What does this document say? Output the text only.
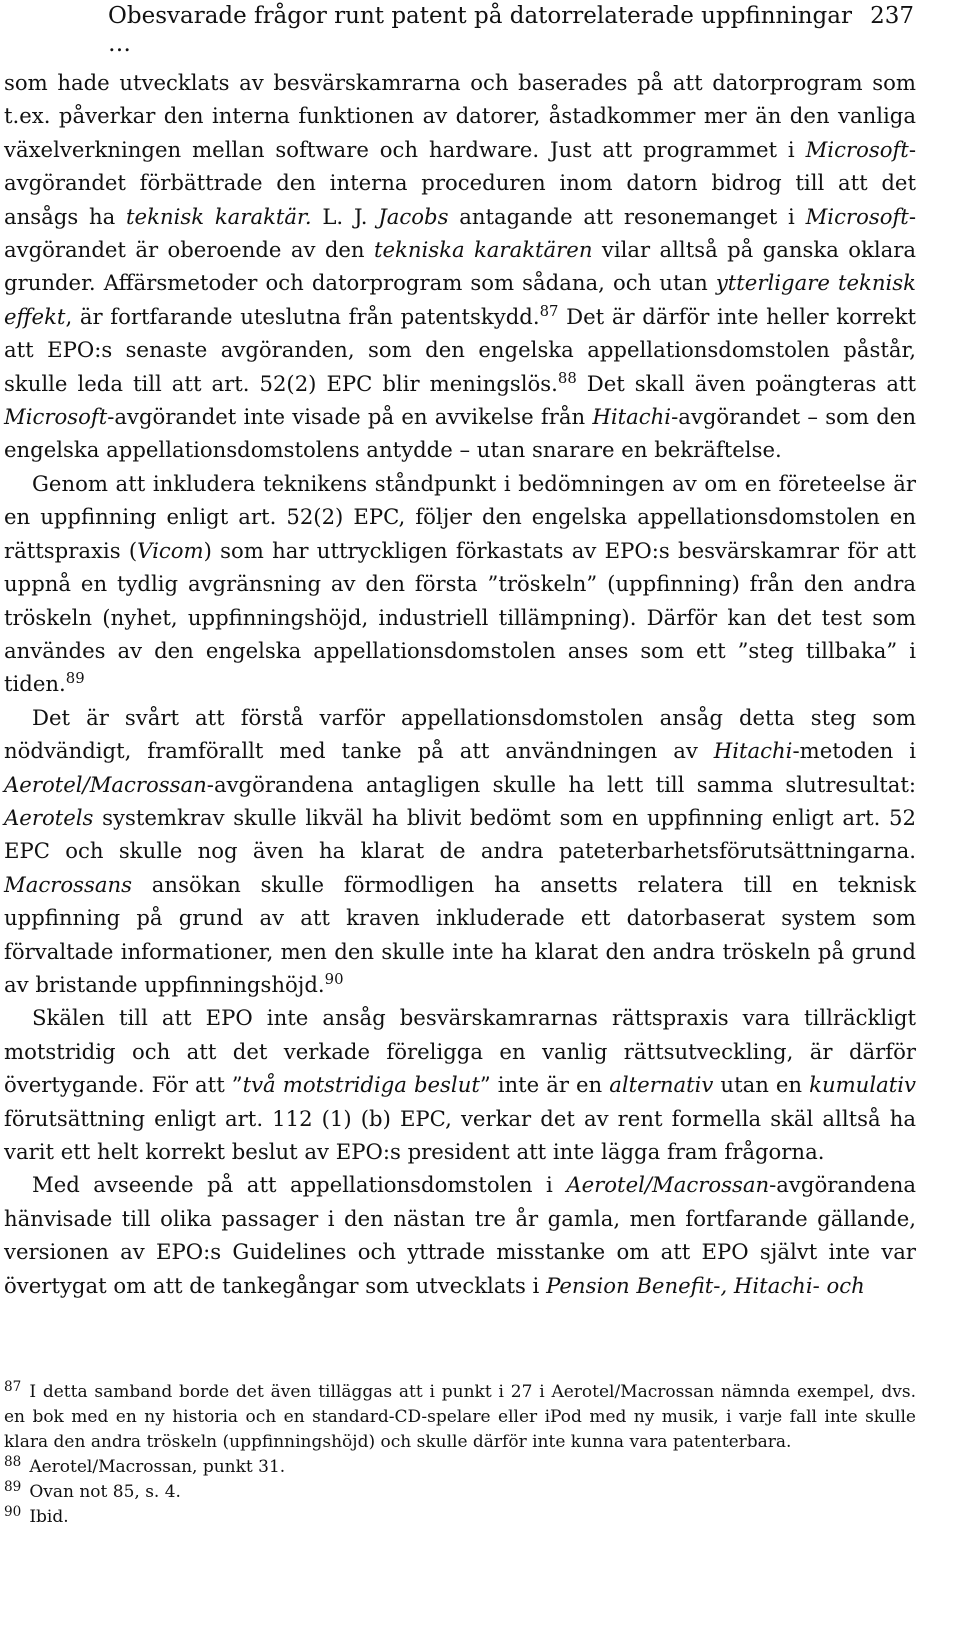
Obesvarade frågor runt patent på datorrelaterade uppfinningar …
237

som hade utvecklats av besvärskamrarna och baserades på att datorprogram som t.ex. påverkar den interna funktionen av datorer, åstadkommer mer än den vanliga växelverkningen mellan software och hardware. Just att programmet i Microsoft-avgörandet förbättrade den interna proceduren inom datorn bidrog till att det ansågs ha teknisk karaktär. L. J. Jacobs antagande att resonemanget i Microsoft-avgörandet är oberoende av den tekniska karaktären vilar alltså på ganska oklara grunder. Affärsmetoder och datorprogram som sådana, och utan ytterligare teknisk effekt, är fortfarande uteslutna från patentskydd.$^{87}$ Det är därför inte heller korrekt att EPO:s senaste avgöranden, som den engelska appellationsdomstolen påstår, skulle leda till att art. 52(2) EPC blir meningslös.$^{88}$ Det skall även poängteras att Microsoft-avgörandet inte visade på en avvikelse från Hitachi-avgörandet – som den engelska appellationsdomstolens antydde – utan snarare en bekräftelse.

Genom att inkludera teknikens ståndpunkt i bedömningen av om en företeelse är en uppfinning enligt art. 52(2) EPC, följer den engelska appellationsdomstolen en rättspraxis (Vicom) som har uttryckligen förkastats av EPO:s besvärskamrar för att uppnå en tydlig avgränsning av den första ”tröskeln” (uppfinning) från den andra tröskeln (nyhet, uppfinningshöjd, industriell tillämpning). Därför kan det test som användes av den engelska appellationsdomstolen anses som ett ”steg tillbaka” i tiden.$^{89}$

Det är svårt att förstå varför appellationsdomstolen ansåg detta steg som nödvändigt, framförallt med tanke på att användningen av Hitachi-metoden i Aerotel/Macrossan-avgörandena antagligen skulle ha lett till samma slutresultat: Aerotels systemkrav skulle likväl ha blivit bedömt som en uppfinning enligt art. 52 EPC och skulle nog även ha klarat de andra pateterbarhetsförutsättningarna. Macrossans ansökan skulle förmodligen ha ansetts relatera till en teknisk uppfinning på grund av att kraven inkluderade ett datorbaserat system som förvaltade informationer, men den skulle inte ha klarat den andra tröskeln på grund av bristande uppfinningshöjd.$^{90}$

Skälen till att EPO inte ansåg besvärskamrarnas rättspraxis vara tillräckligt motstridig och att det verkade föreligga en vanlig rättsutveckling, är därför övertygande. För att ”två motstridiga beslut” inte är en alternativ utan en kumulativ förutsättning enligt art. 112 (1) (b) EPC, verkar det av rent formella skäl alltså ha varit ett helt korrekt beslut av EPO:s president att inte lägga fram frågorna.

Med avseende på att appellationsdomstolen i Aerotel/Macrossan-avgörandena hänvisade till olika passager i den nästan tre år gamla, men fortfarande gällande, versionen av EPO:s Guidelines och yttrade misstanke om att EPO självt inte var övertygat om att de tankegångar som utvecklats i Pension Benefit-, Hitachi- och

$^{87}$ I detta samband borde det även tilläggas att i punkt i 27 i Aerotel/Macrossan nämnda exempel, dvs. en bok med en ny historia och en standard-CD-spelare eller iPod med ny musik, i varje fall inte skulle klara den andra tröskeln (uppfinningshöjd) och skulle därför inte kunna vara patenterbara.

$^{88}$ Aerotel/Macrossan, punkt 31.

$^{89}$ Ovan not 85, s. 4.

$^{90}$ Ibid.
